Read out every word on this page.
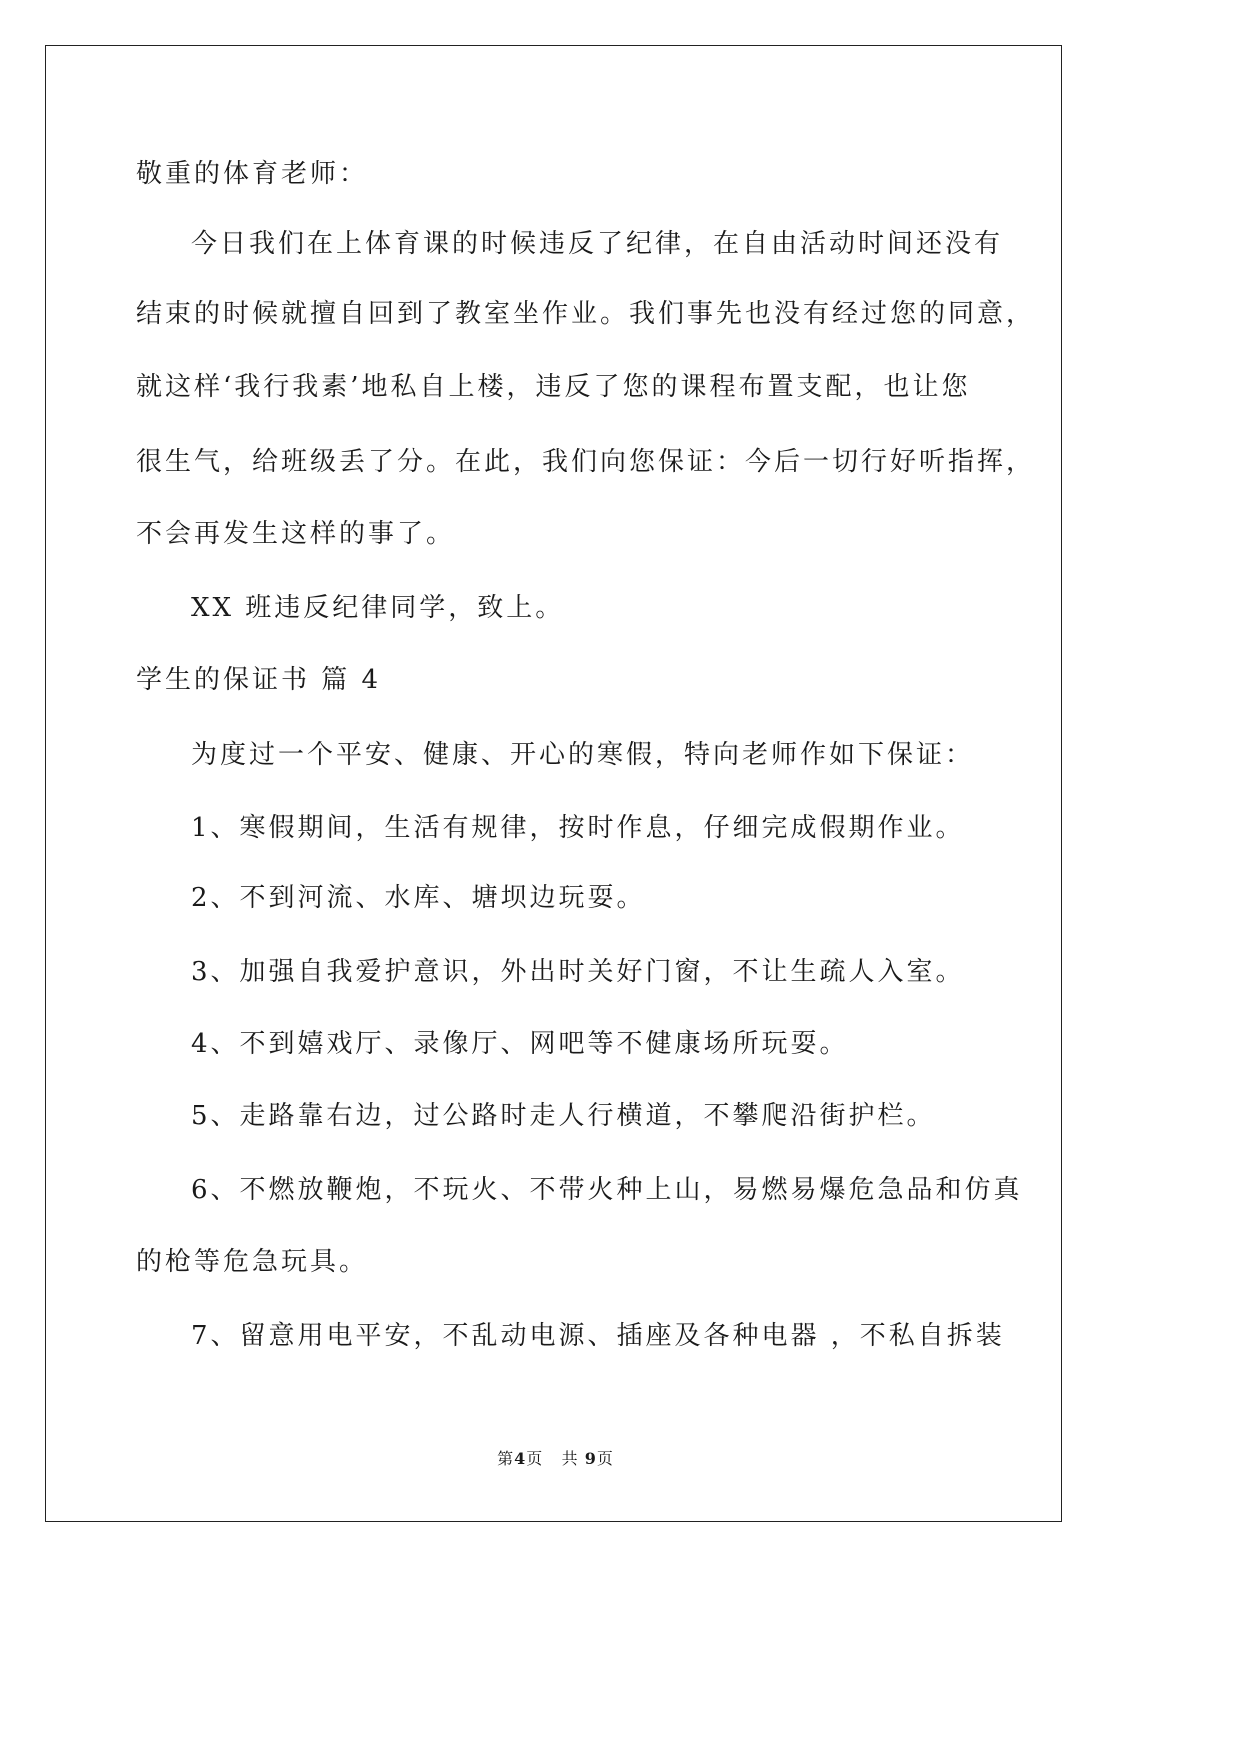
敬重的体育老师：
今日我们在上体育课的时候违反了纪律，在自由活动时间还没有
结束的时候就擅自回到了教室坐作业。我们事先也没有经过您的同意，
就这样‘我行我素’地私自上楼，违反了您的课程布置支配，也让您
很生气，给班级丢了分。在此，我们向您保证：今后一切行好听指挥，
不会再发生这样的事了。
XX 班违反纪律同学，致上。
学生的保证书 篇 4
为度过一个平安、健康、开心的寒假，特向老师作如下保证：
1、寒假期间，生活有规律，按时作息，仔细完成假期作业。
2、不到河流、水库、塘坝边玩耍。
3、加强自我爱护意识，外出时关好门窗，不让生疏人入室。
4、不到嬉戏厅、录像厅、网吧等不健康场所玩耍。
5、走路靠右边，过公路时走人行横道，不攀爬沿街护栏。
6、不燃放鞭炮，不玩火、不带火种上山，易燃易爆危急品和仿真
的枪等危急玩具。
7、留意用电平安，不乱动电源、插座及各种电器 ，不私自拆装
第4页 共 9页
